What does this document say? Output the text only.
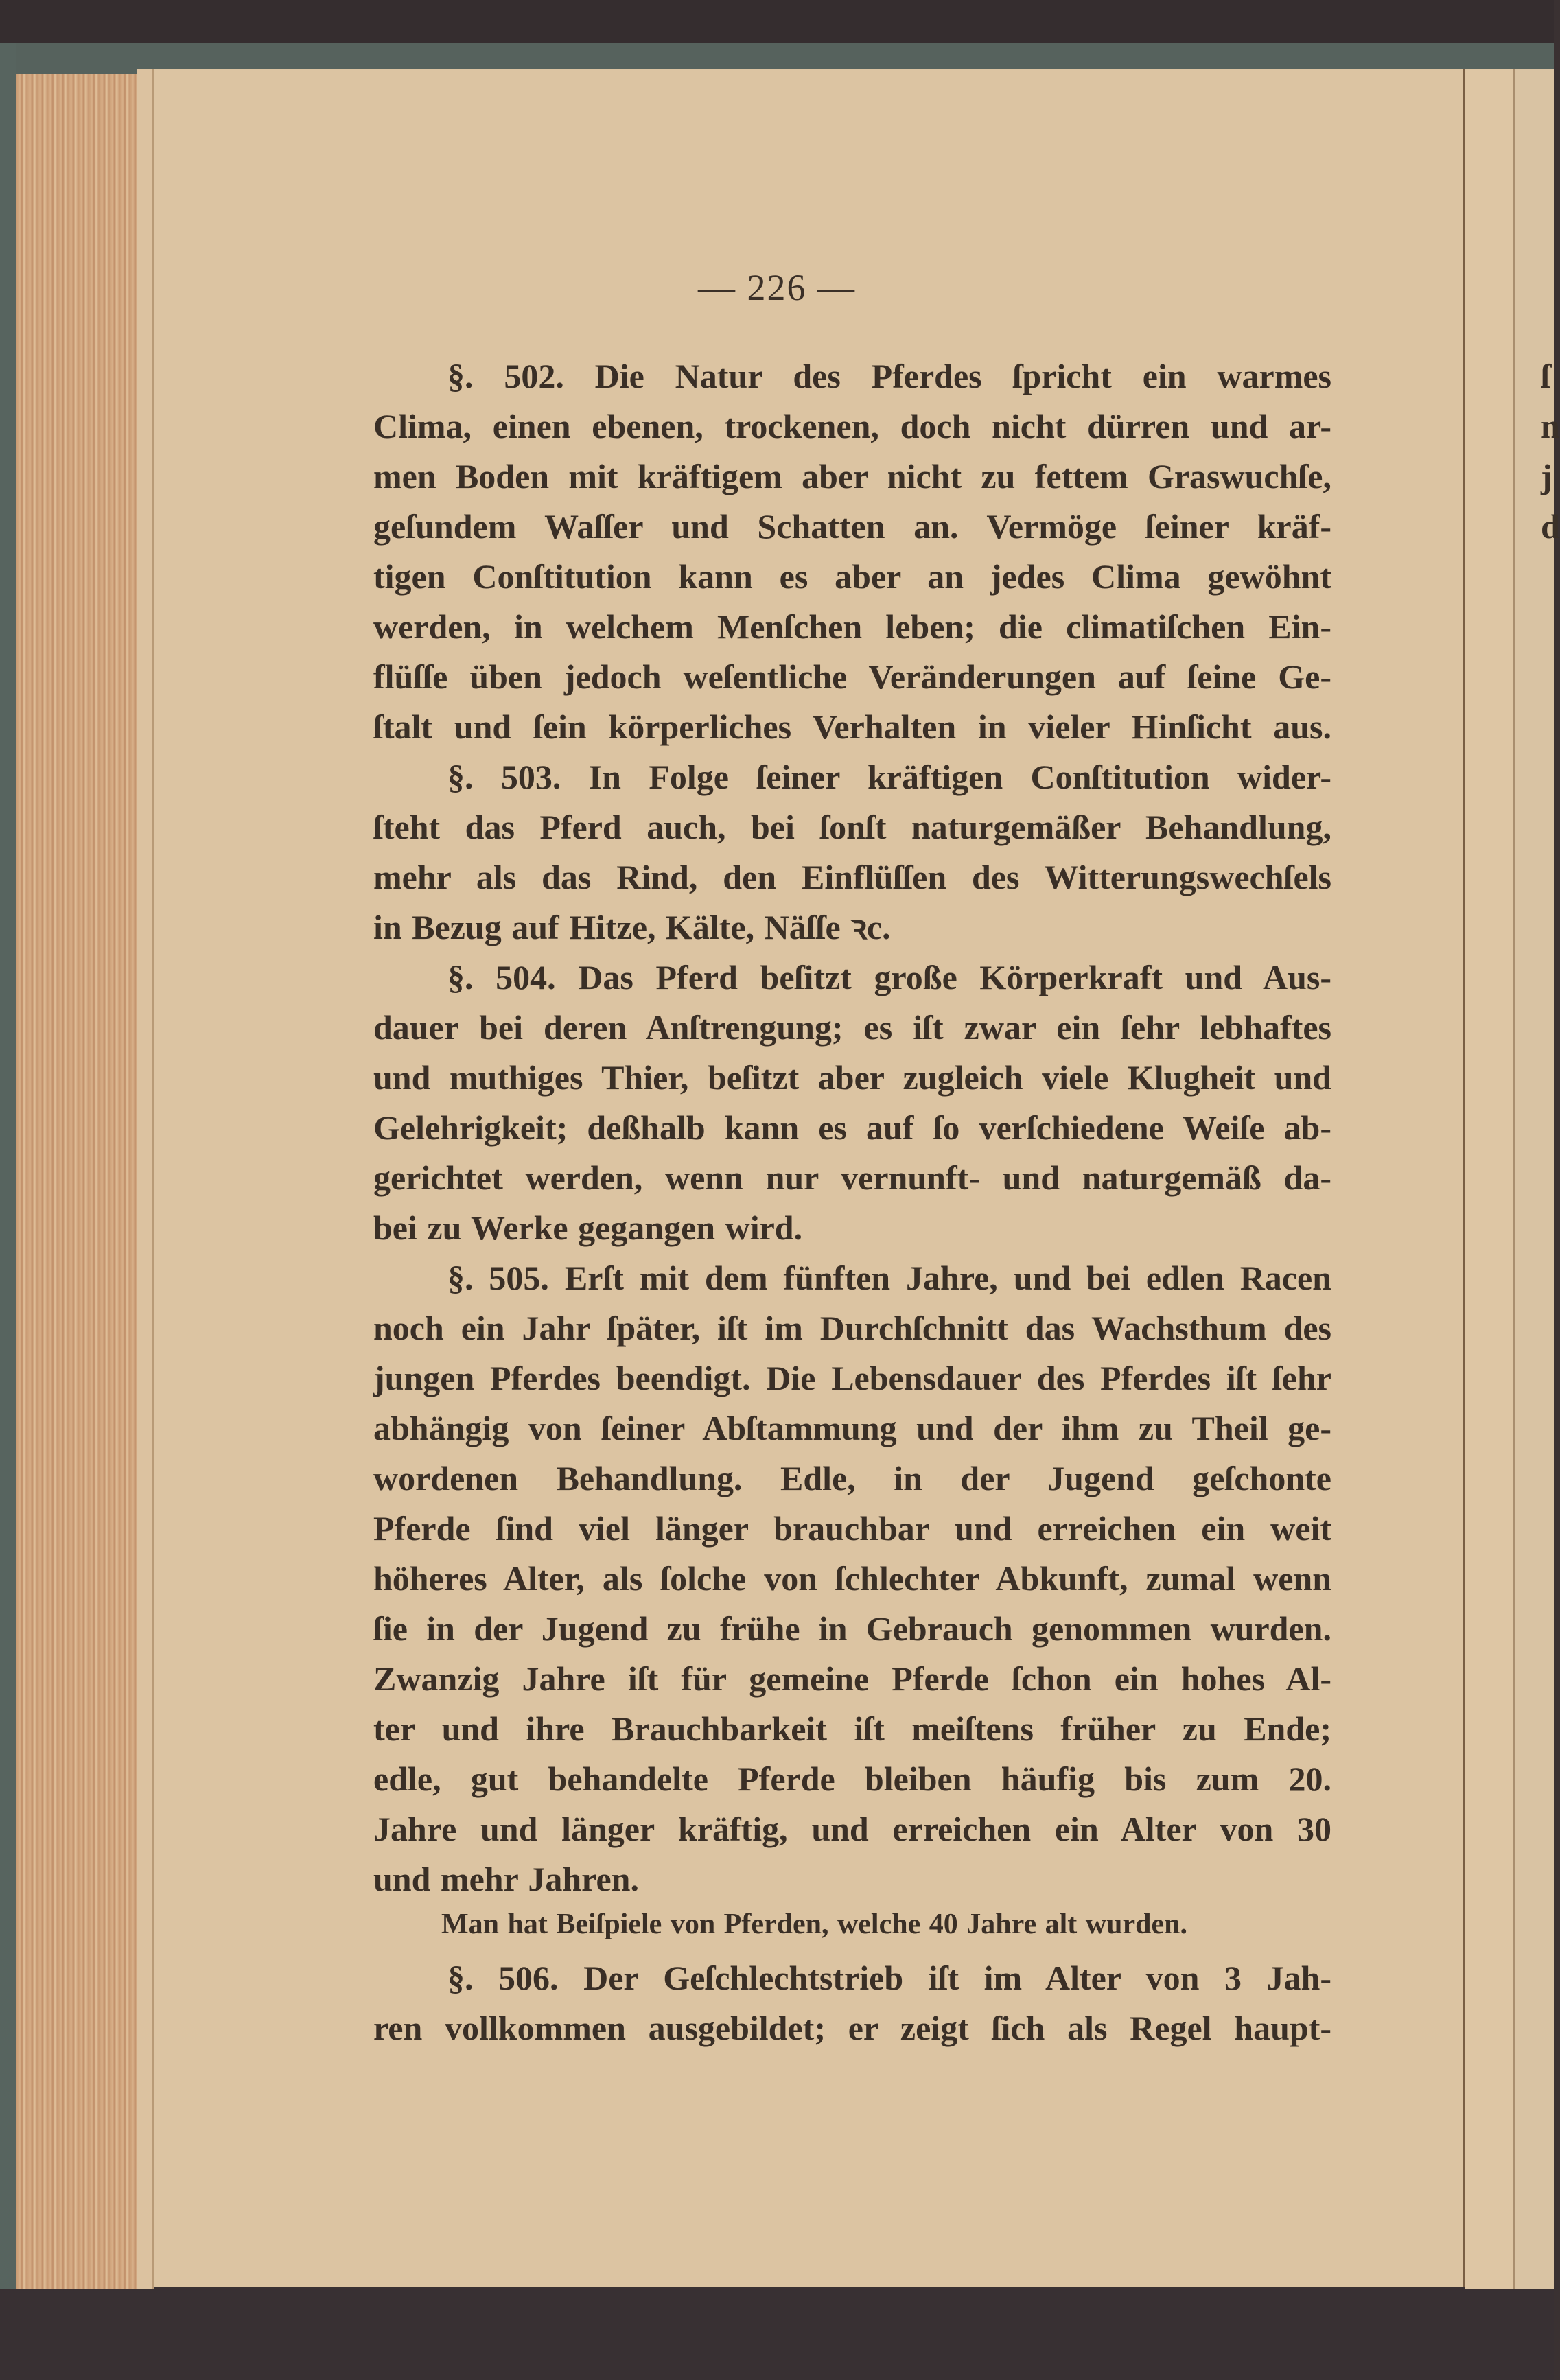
ſ
n
j
d
— 226 —
§. 502. Die Natur des Pferdes ſpricht ein warmes
Clima, einen ebenen, trockenen, doch nicht dürren und ar-
men Boden mit kräftigem aber nicht zu fettem Graswuchſe,
geſundem Waſſer und Schatten an. Vermöge ſeiner kräf-
tigen Conſtitution kann es aber an jedes Clima gewöhnt
werden, in welchem Menſchen leben; die climatiſchen Ein-
flüſſe üben jedoch weſentliche Veränderungen auf ſeine Ge-
ſtalt und ſein körperliches Verhalten in vieler Hinſicht aus.
§. 503. In Folge ſeiner kräftigen Conſtitution wider-
ſteht das Pferd auch, bei ſonſt naturgemäßer Behandlung,
mehr als das Rind, den Einflüſſen des Witterungswechſels
in Bezug auf Hitze, Kälte, Näſſe ꝛc.
§. 504. Das Pferd beſitzt große Körperkraft und Aus-
dauer bei deren Anſtrengung; es iſt zwar ein ſehr lebhaftes
und muthiges Thier, beſitzt aber zugleich viele Klugheit und
Gelehrigkeit; deßhalb kann es auf ſo verſchiedene Weiſe ab-
gerichtet werden, wenn nur vernunft- und naturgemäß da-
bei zu Werke gegangen wird.
§. 505. Erſt mit dem fünften Jahre, und bei edlen Racen
noch ein Jahr ſpäter, iſt im Durchſchnitt das Wachsthum des
jungen Pferdes beendigt. Die Lebensdauer des Pferdes iſt ſehr
abhängig von ſeiner Abſtammung und der ihm zu Theil ge-
wordenen Behandlung. Edle, in der Jugend geſchonte
Pferde ſind viel länger brauchbar und erreichen ein weit
höheres Alter, als ſolche von ſchlechter Abkunft, zumal wenn
ſie in der Jugend zu frühe in Gebrauch genommen wurden.
Zwanzig Jahre iſt für gemeine Pferde ſchon ein hohes Al-
ter und ihre Brauchbarkeit iſt meiſtens früher zu Ende;
edle, gut behandelte Pferde bleiben häufig bis zum 20.
Jahre und länger kräftig, und erreichen ein Alter von 30
und mehr Jahren.
Man hat Beiſpiele von Pferden, welche 40 Jahre alt wurden.
§. 506. Der Geſchlechtstrieb iſt im Alter von 3 Jah-
ren vollkommen ausgebildet; er zeigt ſich als Regel haupt-
